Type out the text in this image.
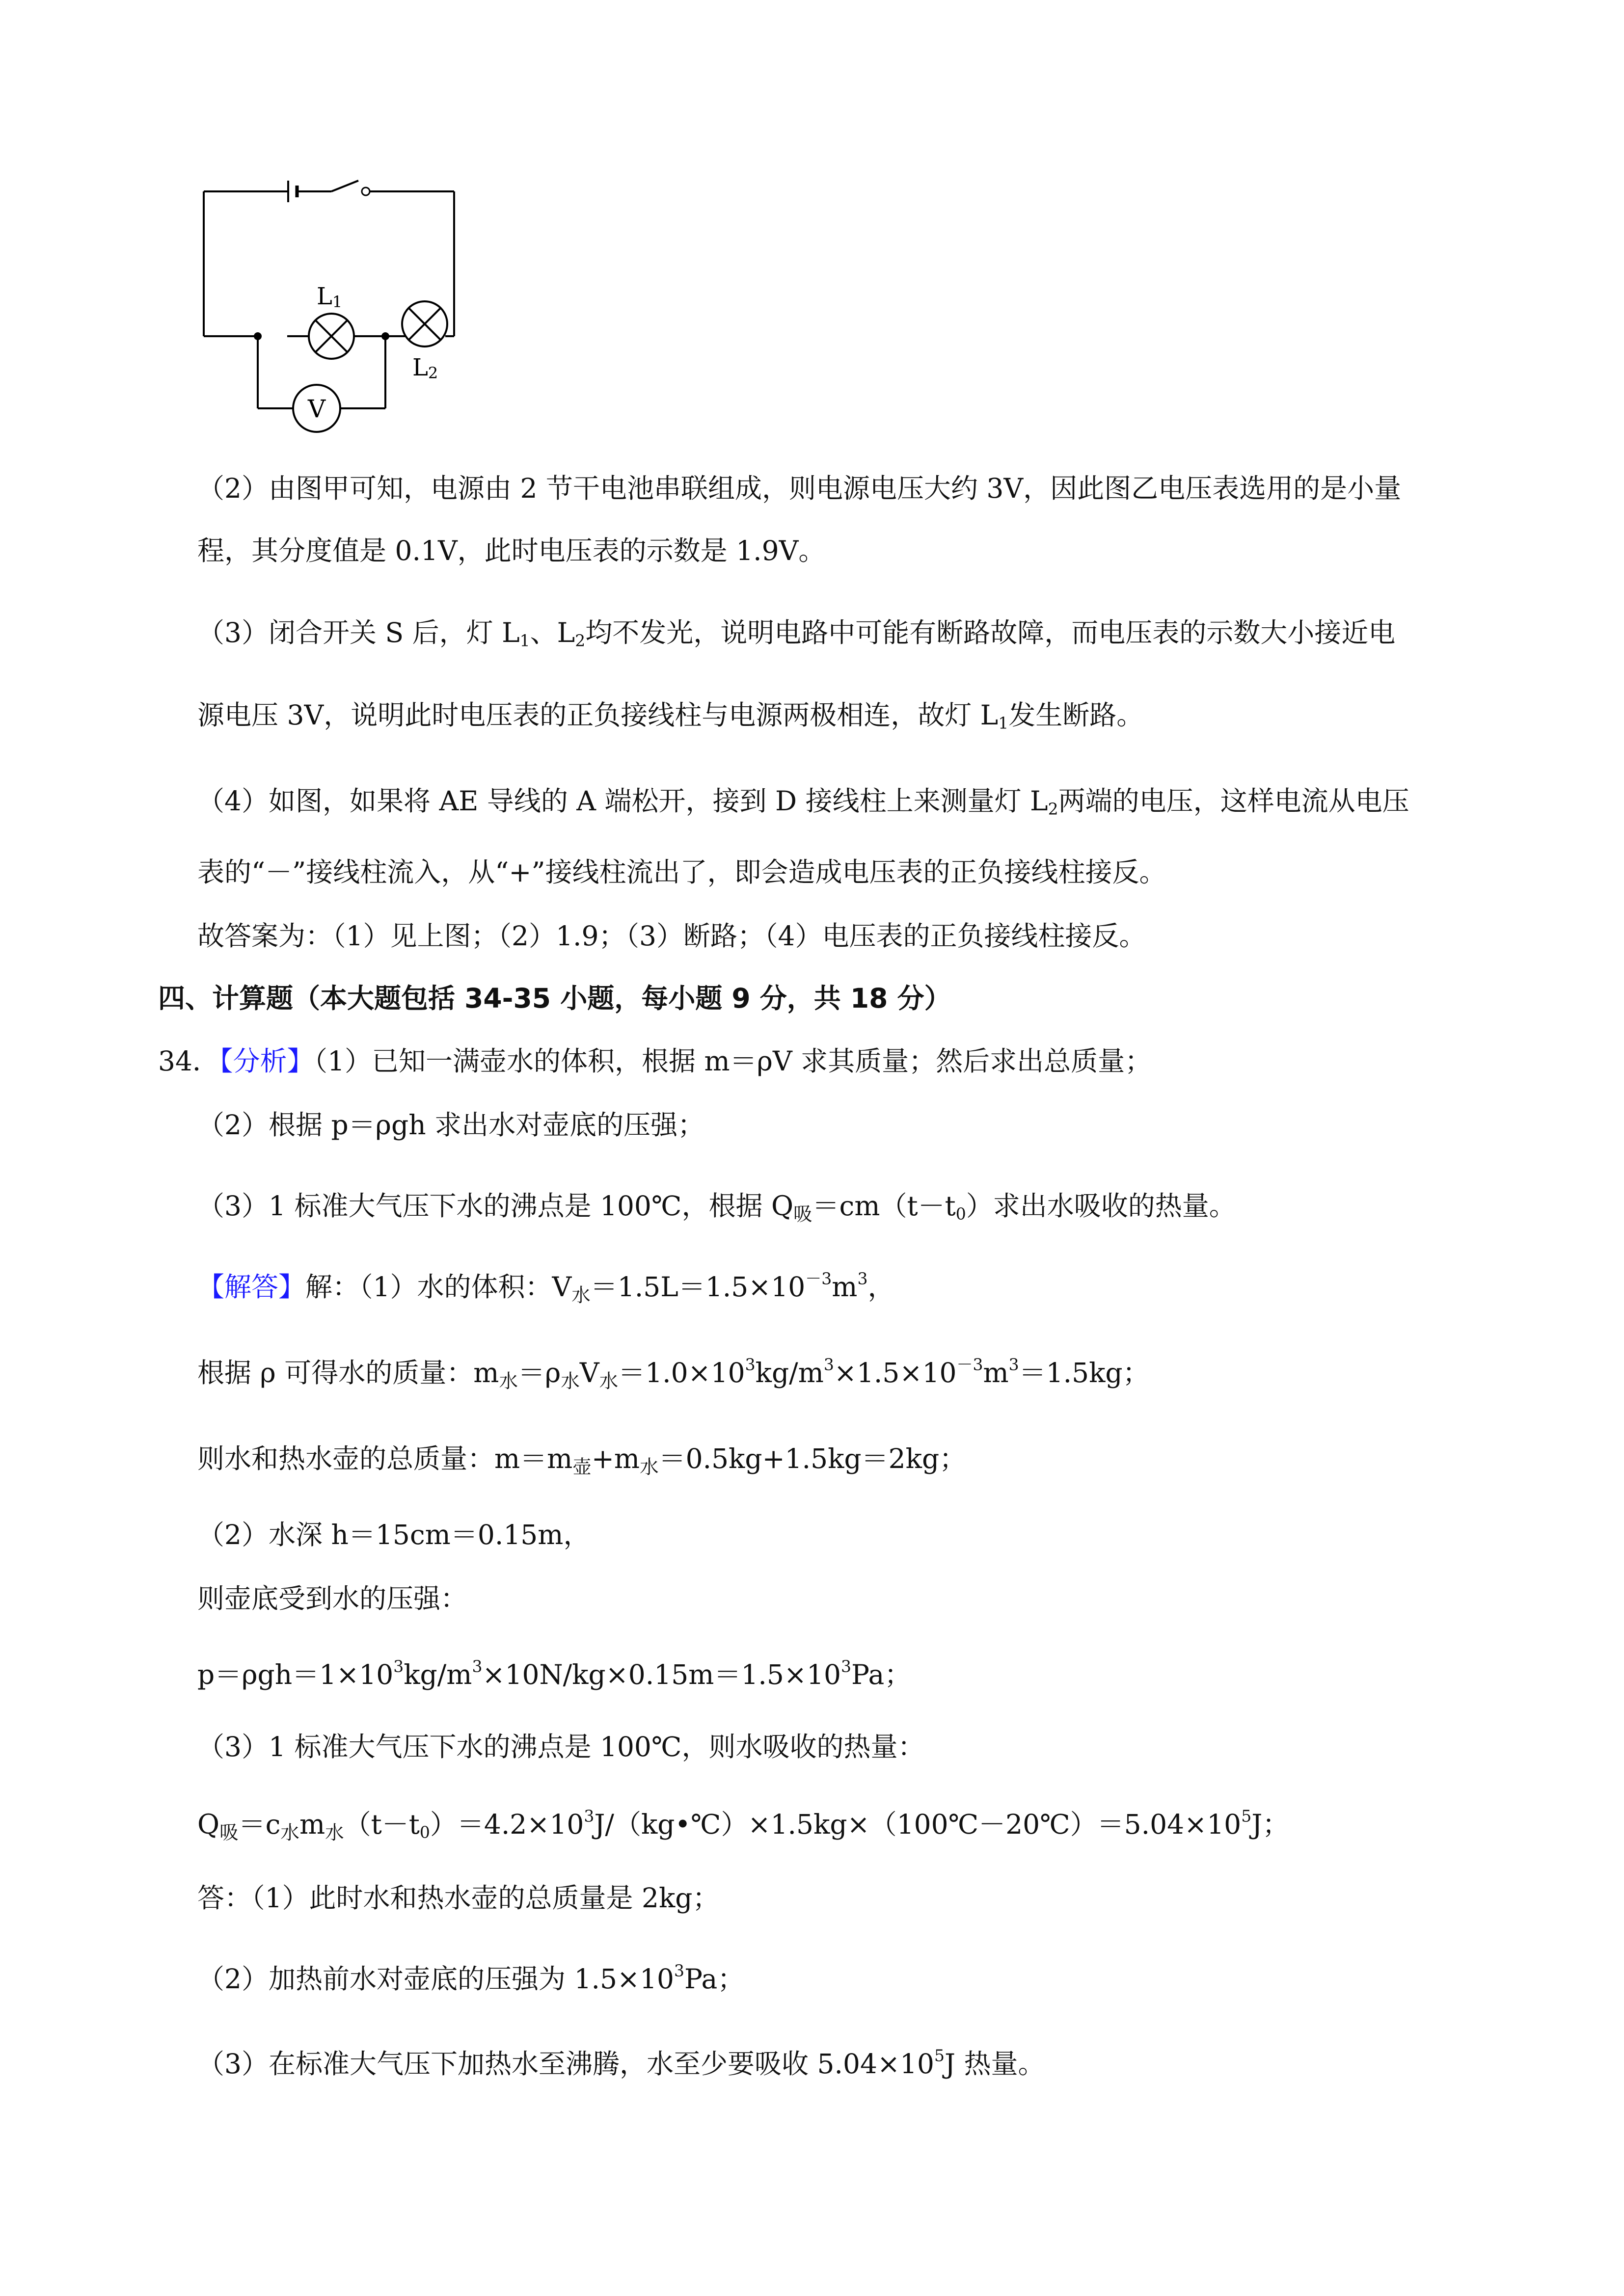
V
L1
L2
（2）由图甲可知，电源由 2 节干电池串联组成，则电源电压大约 3V，因此图乙电压表选用的是小量
程，其分度值是 0.1V，此时电压表的示数是 1.9V。
（3）闭合开关 S 后，灯 $L_1$、$L_2$均不发光，说明电路中可能有断路故障，而电压表的示数大小接近电
源电压 3V，说明此时电压表的正负接线柱与电源两极相连，故灯 $L_1$发生断路。
（4）如图，如果将 AE 导线的 A 端松开，接到 D 接线柱上来测量灯 $L_2$两端的电压，这样电流从电压
表的“－”接线柱流入，从“+”接线柱流出了，即会造成电压表的正负接线柱接反。
故答案为：（1）见上图；（2）1.9；（3）断路；（4）电压表的正负接线柱接反。
四、计算题（本大题包括 34-35 小题，每小题 9 分，共 18 分）
34．【分析】（1）已知一满壶水的体积，根据 m＝ρV 求其质量；然后求出总质量；
（2）根据 p＝ρgh 求出水对壶底的压强；
（3）1 标准大气压下水的沸点是 100℃，根据 Q吸$=cm(t-t_0)$求出水吸收的热量。
【解答】解：（1）水的体积：V水$=1.5L=1.5\times 10^{-3}m^3$，
根据 ρ 可得水的质量：m水＝ρ水V水$=1.0\times 10^3kg/m^3\times 1.5\times 10^{-3}m^3=1.5kg$；
则水和热水壶的总质量：m＝m壶+m水＝0.5kg+1.5kg＝2kg；
（2）水深 h＝15cm＝0.15m，
则壶底受到水的压强：
$p=\rho gh=1\times 10^3kg/m^3\times 10N/kg\times 0.15m=1.5\times 10^3Pa$；
（3）1 标准大气压下水的沸点是 100℃，则水吸收的热量：
Q吸＝c水m水$(t-t_0)=4.2\times 10^3J/(kg•℃)\times 1.5kg\times(100℃-20℃)=5.04\times 10^5J$；
答：（1）此时水和热水壶的总质量是 2kg；
（2）加热前水对壶底的压强为 $1.5\times 10^3Pa$；
（3）在标准大气压下加热水至沸腾，水至少要吸收 $5.04\times 10^5J$ 热量。
